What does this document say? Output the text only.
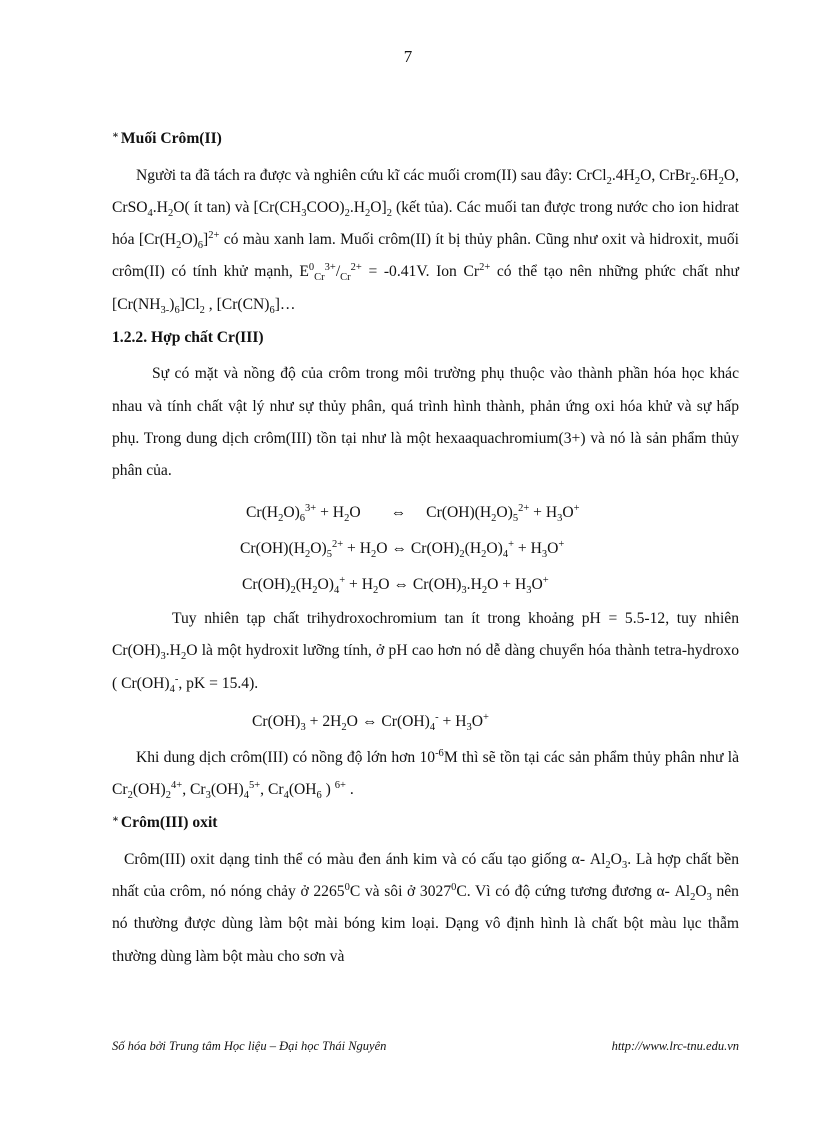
7
∗ Muối Crôm(II)

Người ta đã tách ra được và nghiên cứu kĩ các muối crom(II) sau đây: $CrCl_2.4H_2O$, $CrBr_2.6H_2O$, $CrSO_4.H_2O$( ít tan) và $[Cr(CH_3COO)_2.H_2O]_2$ (kết tủa). Các muối tan được trong nước cho ion hidrat hóa $[Cr(H_2O)_6]^{2+}$ có màu xanh lam. Muối crôm(II) ít bị thủy phân. Cũng như oxit và hidroxit, muối crôm(II) có tính khử mạnh, $E^0_{Cr}^{3+}/_{Cr}^{2+} = -0.41V$. Ion $Cr^{2+}$ có thể tạo nên những phức chất như $[Cr(NH_{3-})_6]Cl_2$ , $[Cr(CN)_6]\dots$

1.2.2. Hợp chất Cr(III)

Sự có mặt và nồng độ của crôm trong môi trường phụ thuộc vào thành phần hóa học khác nhau và tính chất vật lý như sự thủy phân, quá trình hình thành, phản ứng oxi hóa khử và sự hấp phụ. Trong dung dịch crôm(III) tồn tại như là một hexaaquachromium(3+) và nó là sản phẩm thủy phân của.

$Cr(H_2O)_6^{3+} + H_2O$ ⇔ $Cr(OH)(H_2O)_5^{2+} + H_3O^+$
$Cr(OH)(H_2O)_5^{2+} + H_2O$ ⇔ $Cr(OH)_2(H_2O)_4^+ + H_3O^+$
$Cr(OH)_2(H_2O)_4^+ + H_2O$ ⇔ $Cr(OH)_3.H_2O + H_3O^+$

Tuy nhiên tạp chất trihydroxochromium tan ít trong khoảng pH = 5.5-12, tuy nhiên $Cr(OH)_3.H_2O$ là một hydroxit lưỡng tính, ở pH cao hơn nó dễ dàng chuyển hóa thành tetra-hydroxo ( $Cr(OH)_4^-$, pK = 15.4).

$Cr(OH)_3 + 2H_2O$ ⇔ $Cr(OH)_4^- + H_3O^+$

Khi dung dịch crôm(III) có nồng độ lớn hơn $10^{-6}M$ thì sẽ tồn tại các sản phẩm thủy phân như là $Cr_2(OH)_2^{4+}$, $Cr_3(OH)_4^{5+}$, $Cr_4(OH_6$ ) $^{6+}$ .

∗ Crôm(III) oxit

Crôm(III) oxit dạng tinh thể có màu đen ánh kim và có cấu tạo giống α- $Al_2O_3$. Là hợp chất bền nhất của crôm, nó nóng chảy ở 2265$^0$C và sôi ở 3027$^0$C. Vì có độ cứng tương đương α- $Al_2O_3$ nên nó thường được dùng làm bột mài bóng kim loại. Dạng vô định hình là chất bột màu lục thẫm thường dùng làm bột màu cho sơn và

Số hóa bởi Trung tâm Học liệu – Đại học Thái Nguyên	http://www.lrc-tnu.edu.vn
